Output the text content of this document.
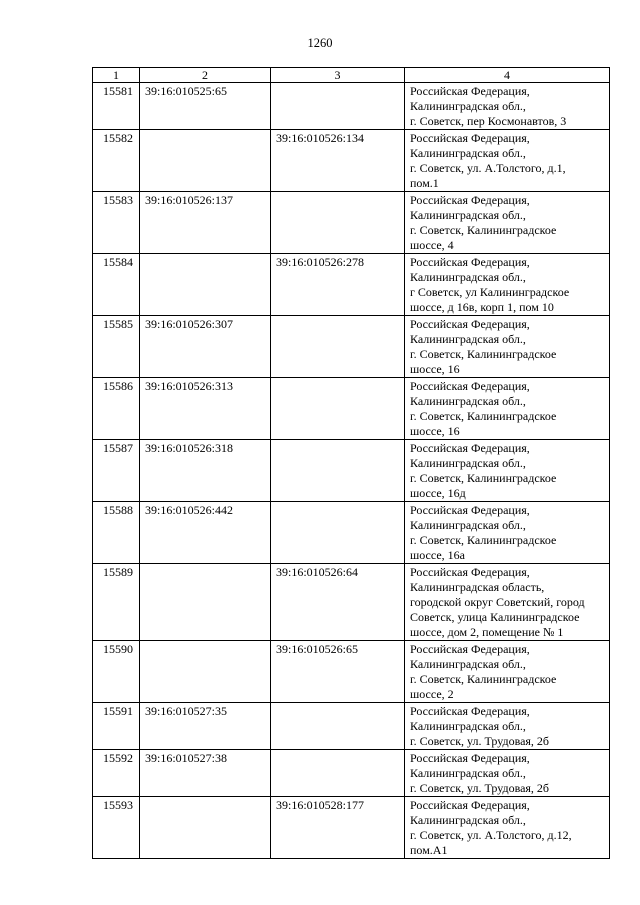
1260
1	2	3	4
15581	39:16:010525:65		Российская Федерация,
Калининградская обл.,
г. Советск, пер Космонавтов, 3

15582		39:16:010526:134	Российская Федерация,
Калининградская обл.,
г. Советск, ул. А.Толстого, д.1,
пом.1

15583	39:16:010526:137		Российская Федерация,
Калининградская обл.,
г. Советск, Калининградское
шоссе, 4

15584		39:16:010526:278	Российская Федерация,
Калининградская обл.,
г Советск, ул Калининградское
шоссе, д 16в, корп 1, пом 10

15585	39:16:010526:307		Российская Федерация,
Калининградская обл.,
г. Советск, Калининградское
шоссе, 16

15586	39:16:010526:313		Российская Федерация,
Калининградская обл.,
г. Советск, Калининградское
шоссе, 16

15587	39:16:010526:318		Российская Федерация,
Калининградская обл.,
г. Советск, Калининградское
шоссе, 16д

15588	39:16:010526:442		Российская Федерация,
Калининградская обл.,
г. Советск, Калининградское
шоссе, 16а

15589		39:16:010526:64	Российская Федерация,
Калининградская область,
городской округ Советский, город
Советск, улица Калининградское
шоссе, дом 2, помещение № 1

15590		39:16:010526:65	Российская Федерация,
Калининградская обл.,
г. Советск, Калининградское
шоссе, 2

15591	39:16:010527:35		Российская Федерация,
Калининградская обл.,
г. Советск, ул. Трудовая, 2б

15592	39:16:010527:38		Российская Федерация,
Калининградская обл.,
г. Советск, ул. Трудовая, 2б

15593		39:16:010528:177	Российская Федерация,
Калининградская обл.,
г. Советск, ул. А.Толстого, д.12,
пом.А1
